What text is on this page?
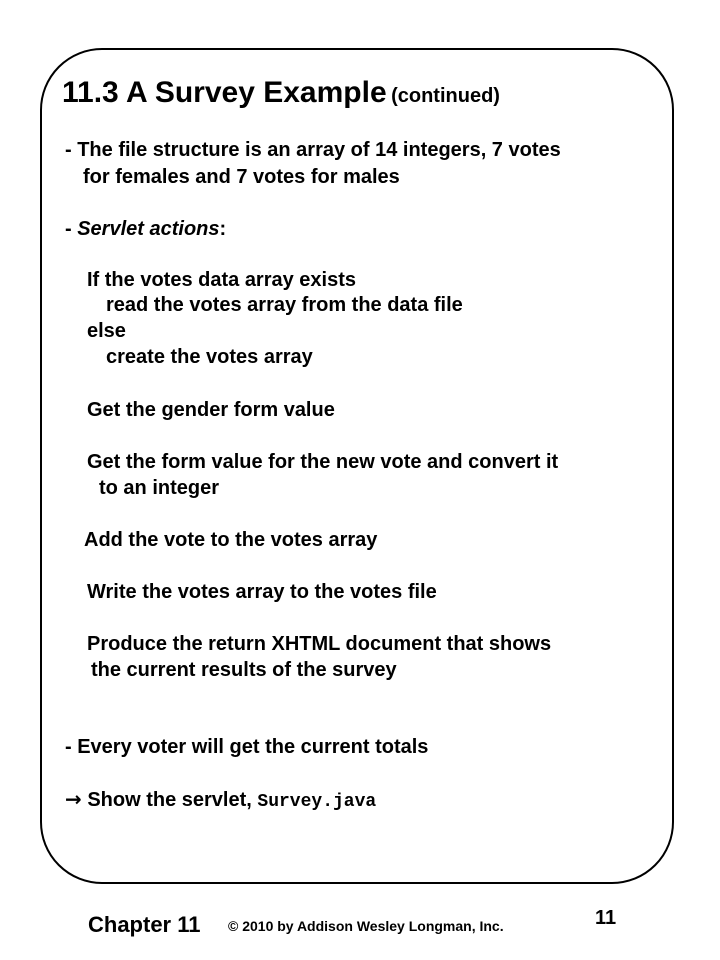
11.3 A Survey Example (continued)
- The file structure is an array of 14 integers, 7 votes
for females and 7 votes for males
- Servlet actions:
If the votes data array exists
read the votes array from the data file
else
create the votes array
Get the gender form value
Get the form value for the new vote and convert it
to an integer
Add the vote to the votes array
Write the votes array to the votes file
Produce the return XHTML document that shows
the current results of the survey
- Every voter will get the current totals
→ Show the servlet, Survey.java
Chapter 11 © 2010 by Addison Wesley Longman, Inc.	11
